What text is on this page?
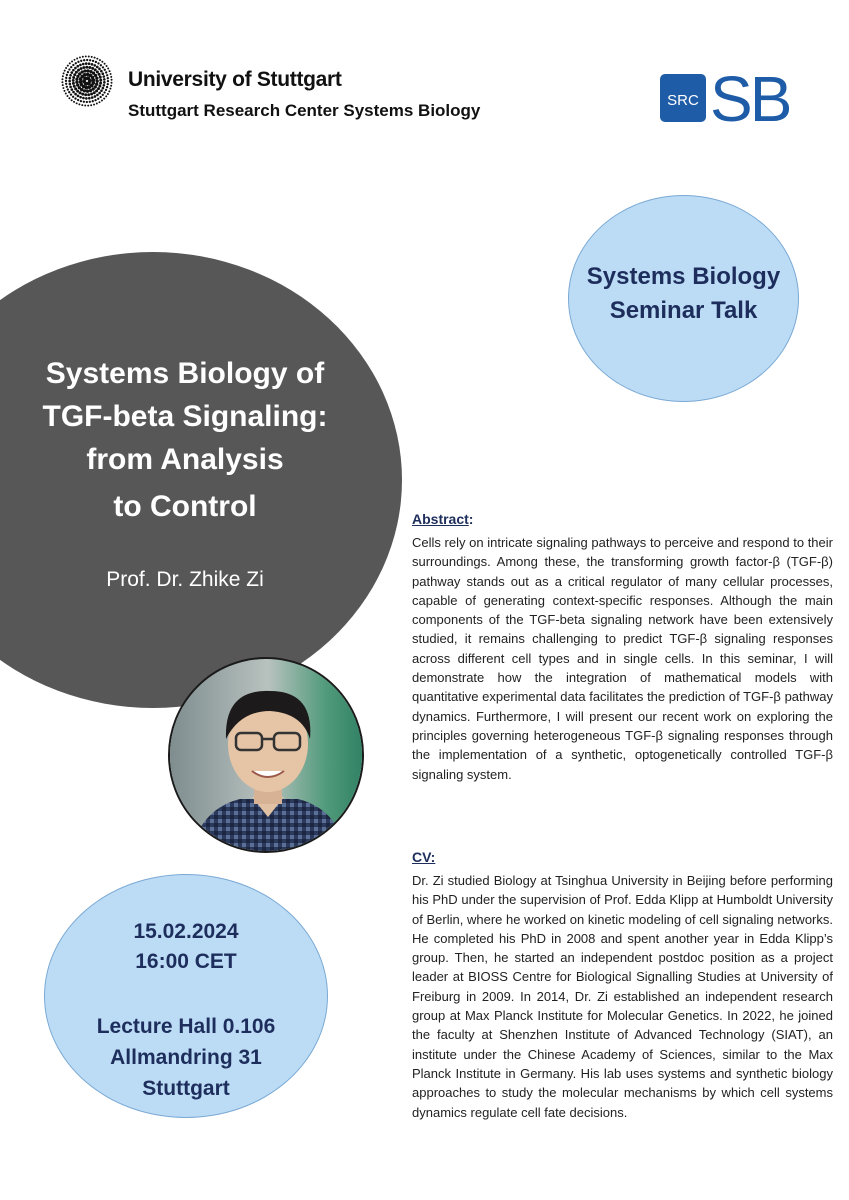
University of Stuttgart
Stuttgart Research Center Systems Biology
SRC SB
Systems Biology of
TGF-beta Signaling:
from Analysis
to Control
Prof. Dr. Zhike Zi
Systems Biology
Seminar Talk
15.02.2024
16:00 CET
Lecture Hall 0.106
Allmandring 31
Stuttgart
Abstract:

Cells rely on intricate signaling pathways to perceive and respond to their surroundings. Among these, the transforming growth factor-β (TGF-β) pathway stands out as a critical regulator of many cellular processes, capable of generating context-specific responses. Although the main components of the TGF-beta signaling network have been extensively studied, it remains challenging to predict TGF-β signaling responses across different cell types and in single cells. In this seminar, I will demonstrate how the integration of mathematical models with quantitative experimental data facilitates the prediction of TGF-β pathway dynamics. Furthermore, I will present our recent work on exploring the principles governing heterogeneous TGF-β signaling responses through the implementation of a synthetic, optogenetically controlled TGF-β signaling system.

CV:

Dr. Zi studied Biology at Tsinghua University in Beijing before performing his PhD under the supervision of Prof. Edda Klipp at Humboldt University of Berlin, where he worked on kinetic modeling of cell signaling networks. He completed his PhD in 2008 and spent another year in Edda Klipp’s group. Then, he started an independent postdoc position as a project leader at BIOSS Centre for Biological Signalling Studies at University of Freiburg in 2009. In 2014, Dr. Zi established an independent research group at Max Planck Institute for Molecular Genetics. In 2022, he joined the faculty at Shenzhen Institute of Advanced Technology (SIAT), an institute under the Chinese Academy of Sciences, similar to the Max Planck Institute in Germany. His lab uses systems and synthetic biology approaches to study the molecular mechanisms by which cell systems dynamics regulate cell fate decisions.
